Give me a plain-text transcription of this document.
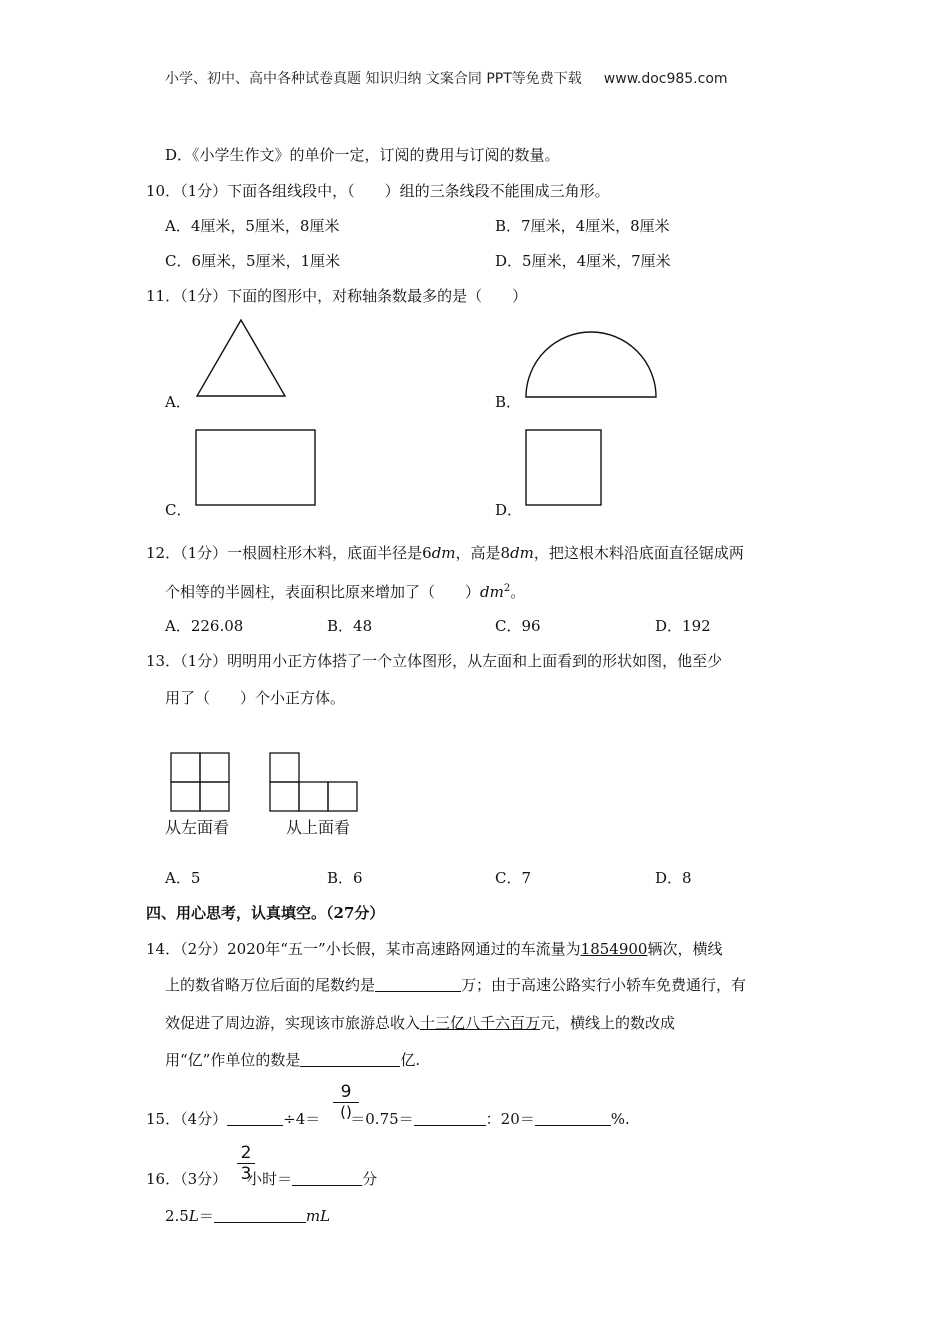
小学、初中、高中各种试卷真题 知识归纳 文案合同 PPT等免费下载 www.doc985.com
D．《小学生作文》的单价一定，订阅的费用与订阅的数量。
10．（1分）下面各组线段中，（　　）组的三条线段不能围成三角形。
A．4厘米，5厘米，8厘米	B．7厘米，4厘米，8厘米
C．6厘米，5厘米，1厘米	D．5厘米，4厘米，7厘米
11．（1分）下面的图形中，对称轴条数最多的是（　　）
A．	B．
C．	D．
12．（1分）一根圆柱形木料，底面半径是6dm，高是8dm，把这根木料沿底面直径锯成两
个相等的半圆柱，表面积比原来增加了（　　）$dm^2$。
A．226.08	B．48	C．96	D．192
13．（1分）明明用小正方体搭了一个立体图形，从左面和上面看到的形状如图，他至少
用了（　　）个小正方体。
从左面看	从上面看
A．5	B．6	C．7	D．8
四、用心思考，认真填空。（27分）
14．（2分）2020年“五一”小长假，某市高速路网通过的车流量为1854900辆次，横线
上的数省略万位后面的尾数约是	万；由于高速公路实行小轿车免费通行，有
效促进了周边游，实现该市旅游总收入十三亿八千六百万元，横线上的数改成
用“亿”作单位的数是	亿.
15．（4分）	÷4＝ ＝0.75＝	：20＝	%.
9
()
16．（3分） 小时＝	分
2
3
2.5L＝	mL
